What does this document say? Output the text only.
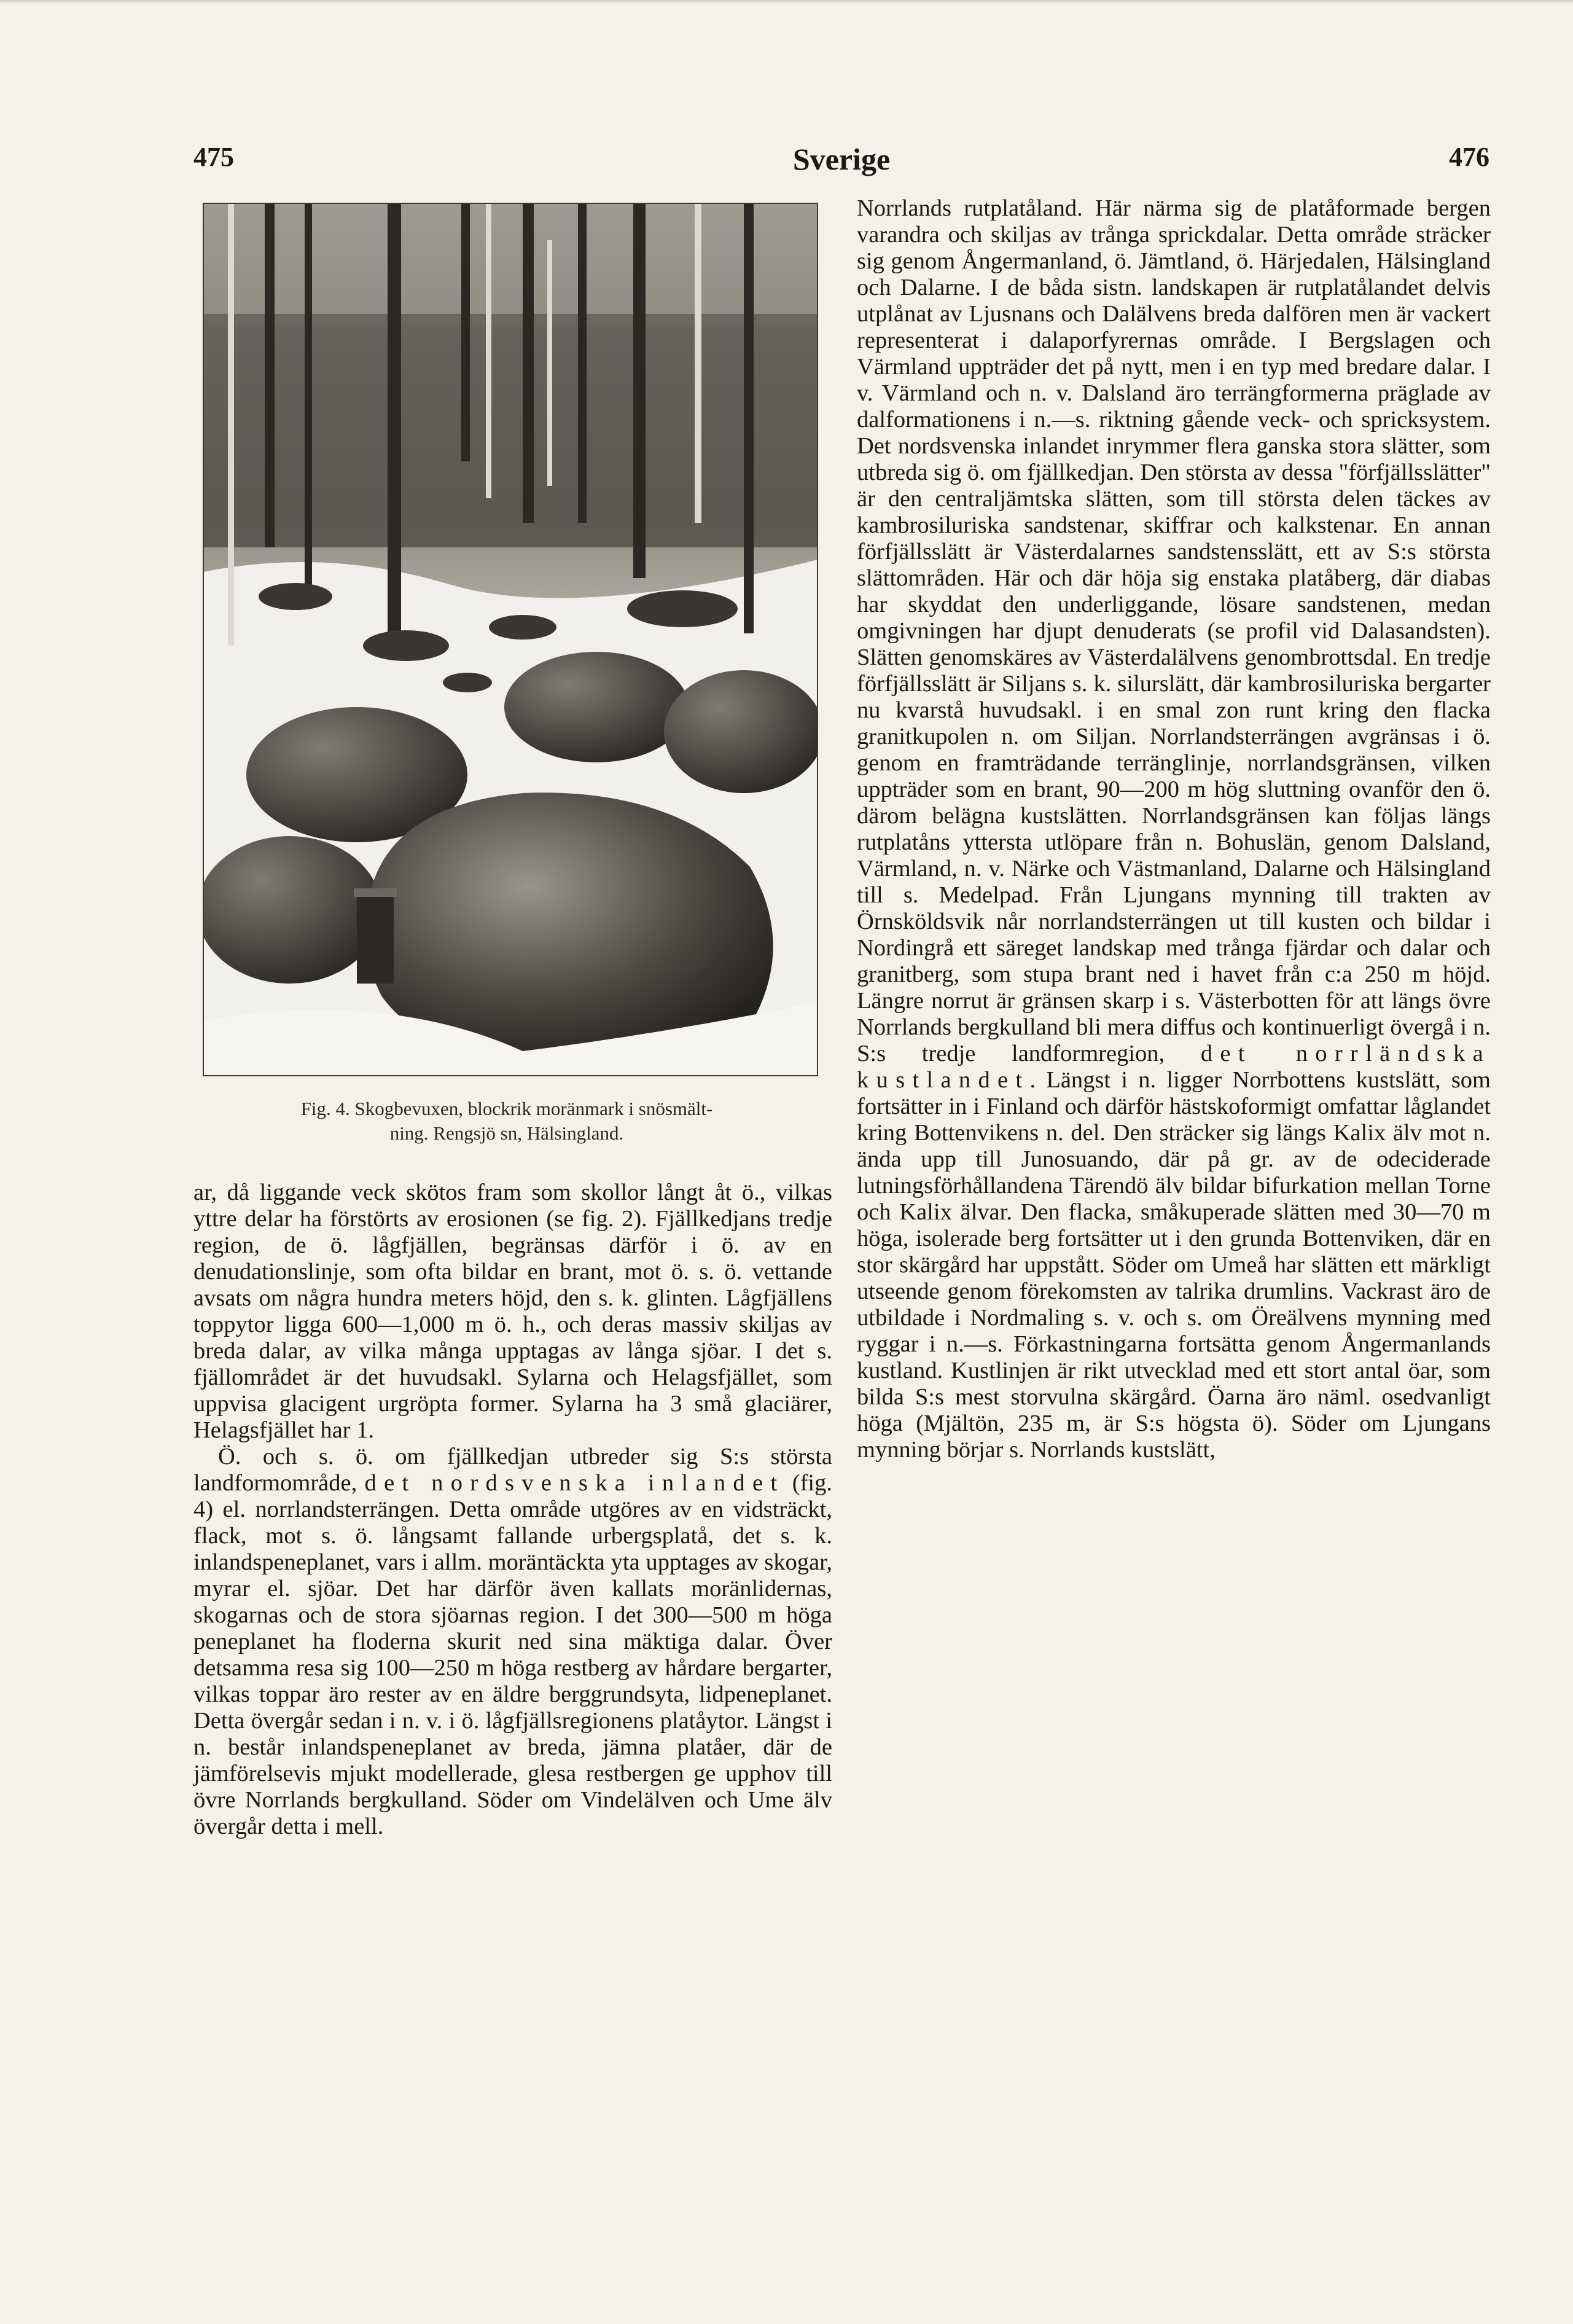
475	Sverige	476
Fig. 4. Skogbevuxen, blockrik moränmark i snösmält-
ning. Rengsjö sn, Hälsingland.

ar, då liggande veck skötos fram som skollor långt åt ö., vilkas yttre delar ha förstörts av erosionen (se fig. 2). Fjällkedjans tredje region, de ö. lågfjällen, begränsas därför i ö. av en denudationslinje, som ofta bildar en brant, mot ö. s. ö. vettande avsats om några hundra meters höjd, den s. k. glinten. Lågfjällens toppytor ligga 600—1,000 m ö. h., och deras massiv skiljas av breda dalar, av vilka många upptagas av långa sjöar. I det s. fjällområdet är det huvudsakl. Sylarna och Helagsfjället, som uppvisa glacigent urgröpta former. Sylarna ha 3 små glaciärer, Helagsfjället har 1.

Ö. och s. ö. om fjällkedjan utbreder sig S:s största landformområde, det nordsvenska inlandet (fig. 4) el. norrlandsterrängen. Detta område utgöres av en vidsträckt, flack, mot s. ö. långsamt fallande urbergsplatå, det s. k. inlandspeneplanet, vars i allm. moräntäckta yta upptages av skogar, myrar el. sjöar. Det har därför även kallats moränlidernas, skogarnas och de stora sjöarnas region. I det 300—500 m höga peneplanet ha floderna skurit ned sina mäktiga dalar. Över detsamma resa sig 100—250 m höga restberg av hårdare bergarter, vilkas toppar äro rester av en äldre berggrundsyta, lidpeneplanet. Detta övergår sedan i n. v. i ö. lågfjällsregionens platåytor. Längst i n. består inlandspeneplanet av breda, jämna platåer, där de jämförelsevis mjukt modellerade, glesa restbergen ge upphov till övre Norrlands bergkulland. Söder om Vindelälven och Ume älv övergår detta i mell.

Norrlands rutplatåland. Här närma sig de platåformade bergen varandra och skiljas av trånga sprickdalar. Detta område sträcker sig genom Ångermanland, ö. Jämtland, ö. Härjedalen, Hälsingland och Dalarne. I de båda sistn. landskapen är rutplatålandet delvis utplånat av Ljusnans och Dalälvens breda dalfören men är vackert representerat i dalaporfyrernas område. I Bergslagen och Värmland uppträder det på nytt, men i en typ med bredare dalar. I v. Värmland och n. v. Dalsland äro terrängformerna präglade av dalformationens i n.—s. riktning gående veck- och spricksystem. Det nordsvenska inlandet inrymmer flera ganska stora slätter, som utbreda sig ö. om fjällkedjan. Den största av dessa "förfjällsslätter" är den centraljämtska slätten, som till största delen täckes av kambrosiluriska sandstenar, skiffrar och kalkstenar. En annan förfjällsslätt är Västerdalarnes sandstensslätt, ett av S:s största slättområden. Här och där höja sig enstaka platåberg, där diabas har skyddat den underliggande, lösare sandstenen, medan omgivningen har djupt denuderats (se profil vid Dalasandsten). Slätten genomskäres av Västerdalälvens genombrottsdal. En tredje förfjällsslätt är Siljans s. k. silurslätt, där kambrosiluriska bergarter nu kvarstå huvudsakl. i en smal zon runt kring den flacka granitkupolen n. om Siljan. Norrlandsterrängen avgränsas i ö. genom en framträdande terränglinje, norrlandsgränsen, vilken uppträder som en brant, 90—200 m hög sluttning ovanför den ö. därom belägna kustslätten. Norrlandsgränsen kan följas längs rutplatåns yttersta utlöpare från n. Bohuslän, genom Dalsland, Värmland, n. v. Närke och Västmanland, Dalarne och Hälsingland till s. Medelpad. Från Ljungans mynning till trakten av Örnsköldsvik når norrlandsterrängen ut till kusten och bildar i Nordingrå ett säreget landskap med trånga fjärdar och dalar och granitberg, som stupa brant ned i havet från c:a 250 m höjd. Längre norrut är gränsen skarp i s. Västerbotten för att längs övre Norrlands bergkulland bli mera diffus och kontinuerligt övergå i n. S:s tredje landformregion, det norrländska kustlandet. Längst i n. ligger Norrbottens kustslätt, som fortsätter in i Finland och därför hästskoformigt omfattar låglandet kring Bottenvikens n. del. Den sträcker sig längs Kalix älv mot n. ända upp till Junosuando, där på gr. av de odeciderade lutningsförhållandena Tärendö älv bildar bifurkation mellan Torne och Kalix älvar. Den flacka, småkuperade slätten med 30—70 m höga, isolerade berg fortsätter ut i den grunda Bottenviken, där en stor skärgård har uppstått. Söder om Umeå har slätten ett märkligt utseende genom förekomsten av talrika drumlins. Vackrast äro de utbildade i Nordmaling s. v. och s. om Öreälvens mynning med ryggar i n.—s. Förkastningarna fortsätta genom Ångermanlands kustland. Kustlinjen är rikt utvecklad med ett stort antal öar, som bilda S:s mest storvulna skärgård. Öarna äro näml. osedvanligt höga (Mjältön, 235 m, är S:s högsta ö). Söder om Ljungans mynning börjar s. Norrlands kustslätt,
